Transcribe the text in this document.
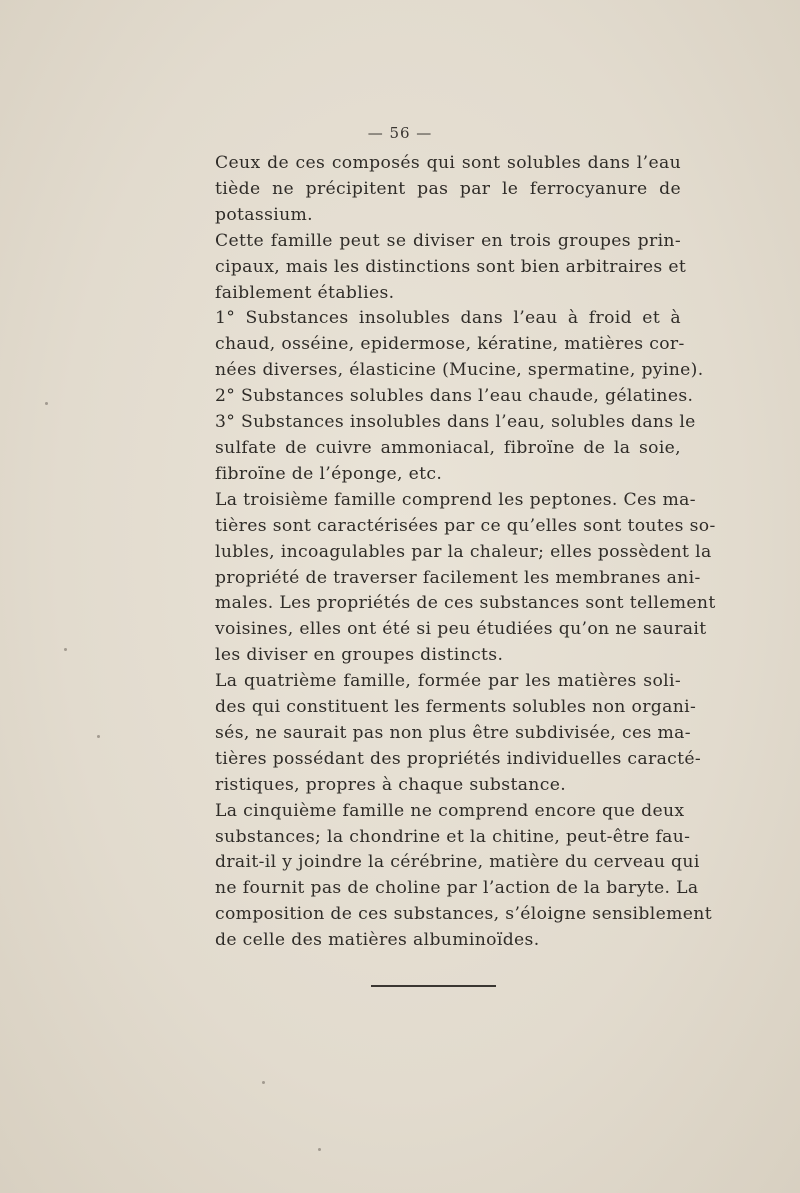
— 56 —

Ceux de ces composés qui sont solubles dans l’eau
tiède ne précipitent pas par le ferrocyanure de
potassium.

Cette famille peut se diviser en trois groupes prin-
cipaux, mais les distinctions sont bien arbitraires et
faiblement établies.

1° Substances insolubles dans l’eau à froid et à
chaud, osséine, epidermose, kératine, matières cor-
nées diverses, élasticine (Mucine, spermatine, pyine).

2° Substances solubles dans l’eau chaude, gélatines.

3° Substances insolubles dans l’eau, solubles dans le
sulfate de cuivre ammoniacal, fibroïne de la soie,
fibroïne de l’éponge, etc.

La troisième famille comprend les peptones. Ces ma-
tières sont caractérisées par ce qu’elles sont toutes so-
lubles, incoagulables par la chaleur; elles possèdent la
propriété de traverser facilement les membranes ani-
males. Les propriétés de ces substances sont tellement
voisines, elles ont été si peu étudiées qu’on ne saurait
les diviser en groupes distincts.

La quatrième famille, formée par les matières soli-
des qui constituent les ferments solubles non organi-
sés, ne saurait pas non plus être subdivisée, ces ma-
tières possédant des propriétés individuelles caracté-
ristiques, propres à chaque substance.

La cinquième famille ne comprend encore que deux
substances; la chondrine et la chitine, peut-être fau-
drait-il y joindre la cérébrine, matière du cerveau qui
ne fournit pas de choline par l’action de la baryte. La
composition de ces substances, s’éloigne sensiblement
de celle des matières albuminoïdes.
